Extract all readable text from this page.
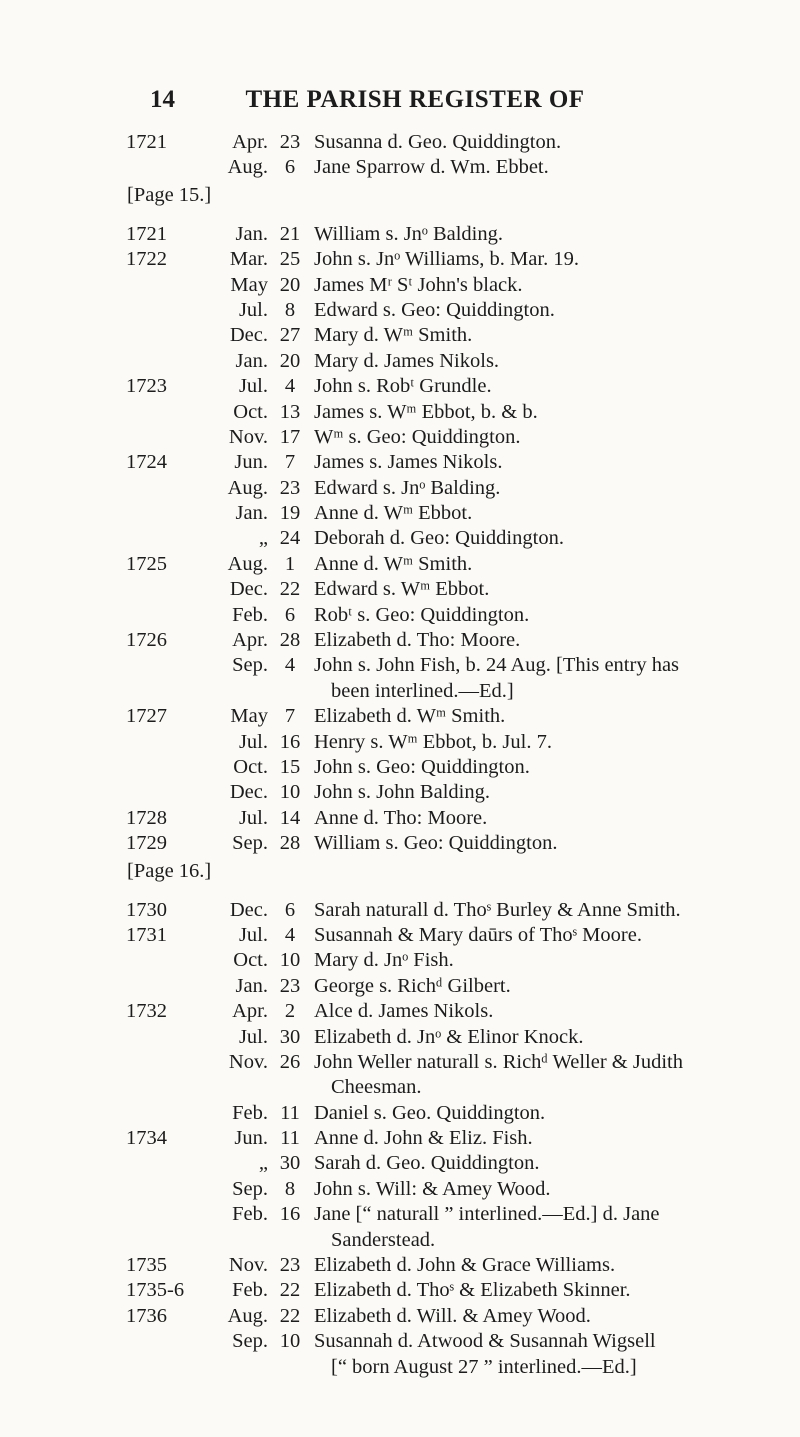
14	THE PARISH REGISTER OF
1721	Apr. 23 Susanna d. Geo. Quiddington.
Aug. 6 Jane Sparrow d. Wm. Ebbet.
[Page 15.]
1721	Jan. 21 William s. Jnᵒ Balding.
1722	Mar. 25 John s. Jnᵒ Williams, b. Mar. 19.
May 20 James Mʳ Sᵗ John's black.
Jul. 8 Edward s. Geo: Quiddington.
Dec. 27 Mary d. Wᵐ Smith.
Jan. 20 Mary d. James Nikols.
1723	Jul. 4 John s. Robᵗ Grundle.
Oct. 13 James s. Wᵐ Ebbot, b. & b.
Nov. 17 Wᵐ s. Geo: Quiddington.
1724	Jun. 7 James s. James Nikols.
Aug. 23 Edward s. Jnᵒ Balding.
Jan. 19 Anne d. Wᵐ Ebbot.
„ 24 Deborah d. Geo: Quiddington.
1725	Aug. 1 Anne d. Wᵐ Smith.
Dec. 22 Edward s. Wᵐ Ebbot.
Feb. 6 Robᵗ s. Geo: Quiddington.
1726	Apr. 28 Elizabeth d. Tho: Moore.
Sep. 4 John s. John Fish, b. 24 Aug. [This entry has
been interlined.—Ed.]
1727	May 7 Elizabeth d. Wᵐ Smith.
Jul. 16 Henry s. Wᵐ Ebbot, b. Jul. 7.
Oct. 15 John s. Geo: Quiddington.
Dec. 10 John s. John Balding.
1728	Jul. 14 Anne d. Tho: Moore.
1729	Sep. 28 William s. Geo: Quiddington.
[Page 16.]
1730	Dec. 6 Sarah naturall d. Thoˢ Burley & Anne Smith.
1731	Jul. 4 Susannah & Mary daūrs of Thoˢ Moore.
Oct. 10 Mary d. Jnᵒ Fish.
Jan. 23 George s. Richᵈ Gilbert.
1732	Apr. 2 Alce d. James Nikols.
Jul. 30 Elizabeth d. Jnᵒ & Elinor Knock.
Nov. 26 John Weller naturall s. Richᵈ Weller & Judith
Cheesman.
Feb. 11 Daniel s. Geo. Quiddington.
1734	Jun. 11 Anne d. John & Eliz. Fish.
„ 30 Sarah d. Geo. Quiddington.
Sep. 8 John s. Will: & Amey Wood.
Feb. 16 Jane [“ naturall ” interlined.—Ed.] d. Jane
Sanderstead.
1735	Nov. 23 Elizabeth d. John & Grace Williams.
1735-6	Feb. 22 Elizabeth d. Thoˢ & Elizabeth Skinner.
1736	Aug. 22 Elizabeth d. Will. & Amey Wood.
Sep. 10 Susannah d. Atwood & Susannah Wigsell
[“ born August 27 ” interlined.—Ed.]
